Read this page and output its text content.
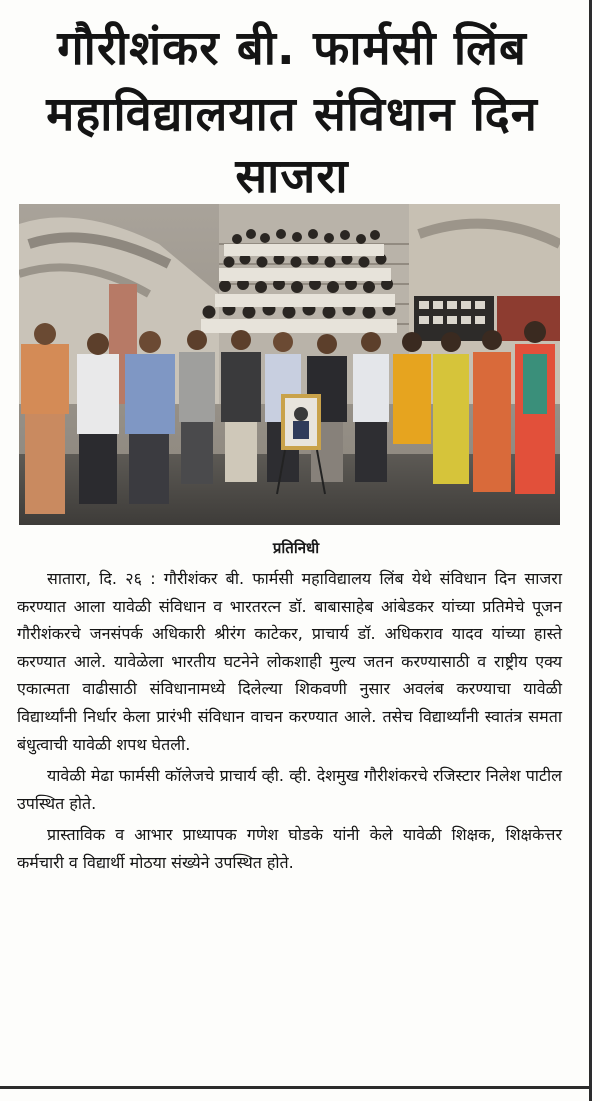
गौरीशंकर बी. फार्मसी लिंब
महाविद्यालयात संविधान दिन साजरा
प्रतिनिधी

सातारा, दि. २६ : गौरीशंकर बी. फार्मसी महाविद्यालय लिंब येथे संविधान दिन साजरा करण्यात आला यावेळी संविधान व भारतरत्न डॉ. बाबासाहेब आंबेडकर यांच्या प्रतिमेचे पूजन गौरीशंकरचे जनसंपर्क अधिकारी श्रीरंग काटेकर, प्राचार्य डॉ. अधिकराव यादव यांच्या हास्ते करण्यात आले. यावेळेला भारतीय घटनेने लोकशाही मुल्य जतन करण्यासाठी व राष्ट्रीय एक्य एकात्मता वाढीसाठी संविधानामध्ये दिलेल्या शिकवणी नुसार अवलंब करण्याचा यावेळी विद्यार्थ्यांनी निर्धार केला प्रारंभी संविधान वाचन करण्यात आले. तसेच विद्यार्थ्यांनी स्वातंत्र समता बंधुत्वाची यावेळी शपथ घेतली.

यावेळी मेढा फार्मसी कॉलेजचे प्राचार्य व्ही. व्ही. देशमुख गौरीशंकरचे रजिस्टार निलेश पाटील उपस्थित होते.

प्रास्ताविक व आभार प्राध्यापक गणेश घोडके यांनी केले यावेळी शिक्षक, शिक्षकेत्तर कर्मचारी व विद्यार्थी मोठया संख्येने उपस्थित होते.
